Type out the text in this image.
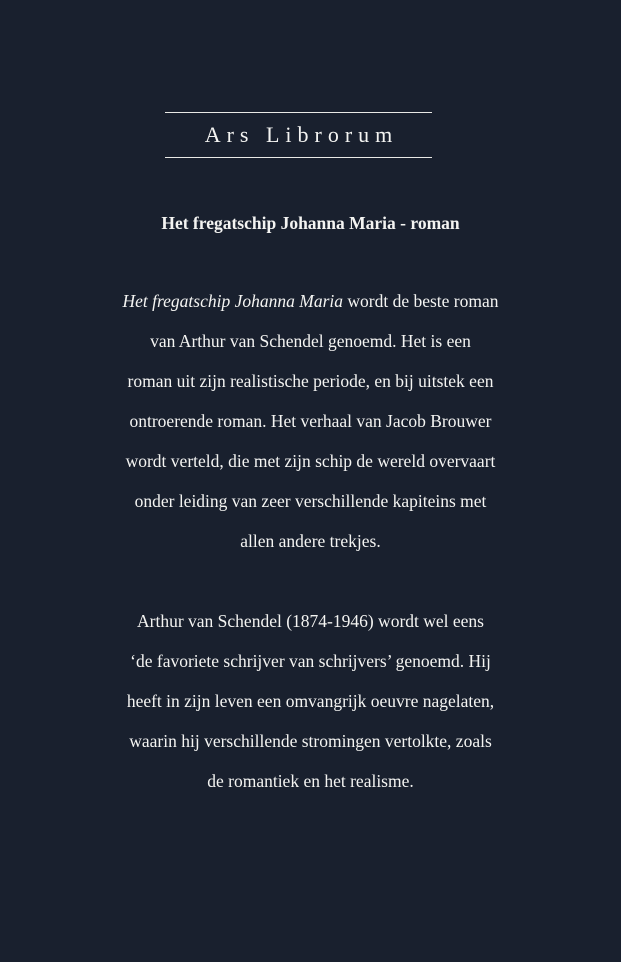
Ars Librorum
Het fregatschip Johanna Maria - roman

Het fregatschip Johanna Maria wordt de beste roman
van Arthur van Schendel genoemd. Het is een
roman uit zijn realistische periode, en bij uitstek een
ontroerende roman. Het verhaal van Jacob Brouwer
wordt verteld, die met zijn schip de wereld overvaart
onder leiding van zeer verschillende kapiteins met
allen andere trekjes.

Arthur van Schendel (1874-1946) wordt wel eens
‘de favoriete schrijver van schrijvers’ genoemd. Hij
heeft in zijn leven een omvangrijk oeuvre nagelaten,
waarin hij verschillende stromingen vertolkte, zoals
de romantiek en het realisme.
